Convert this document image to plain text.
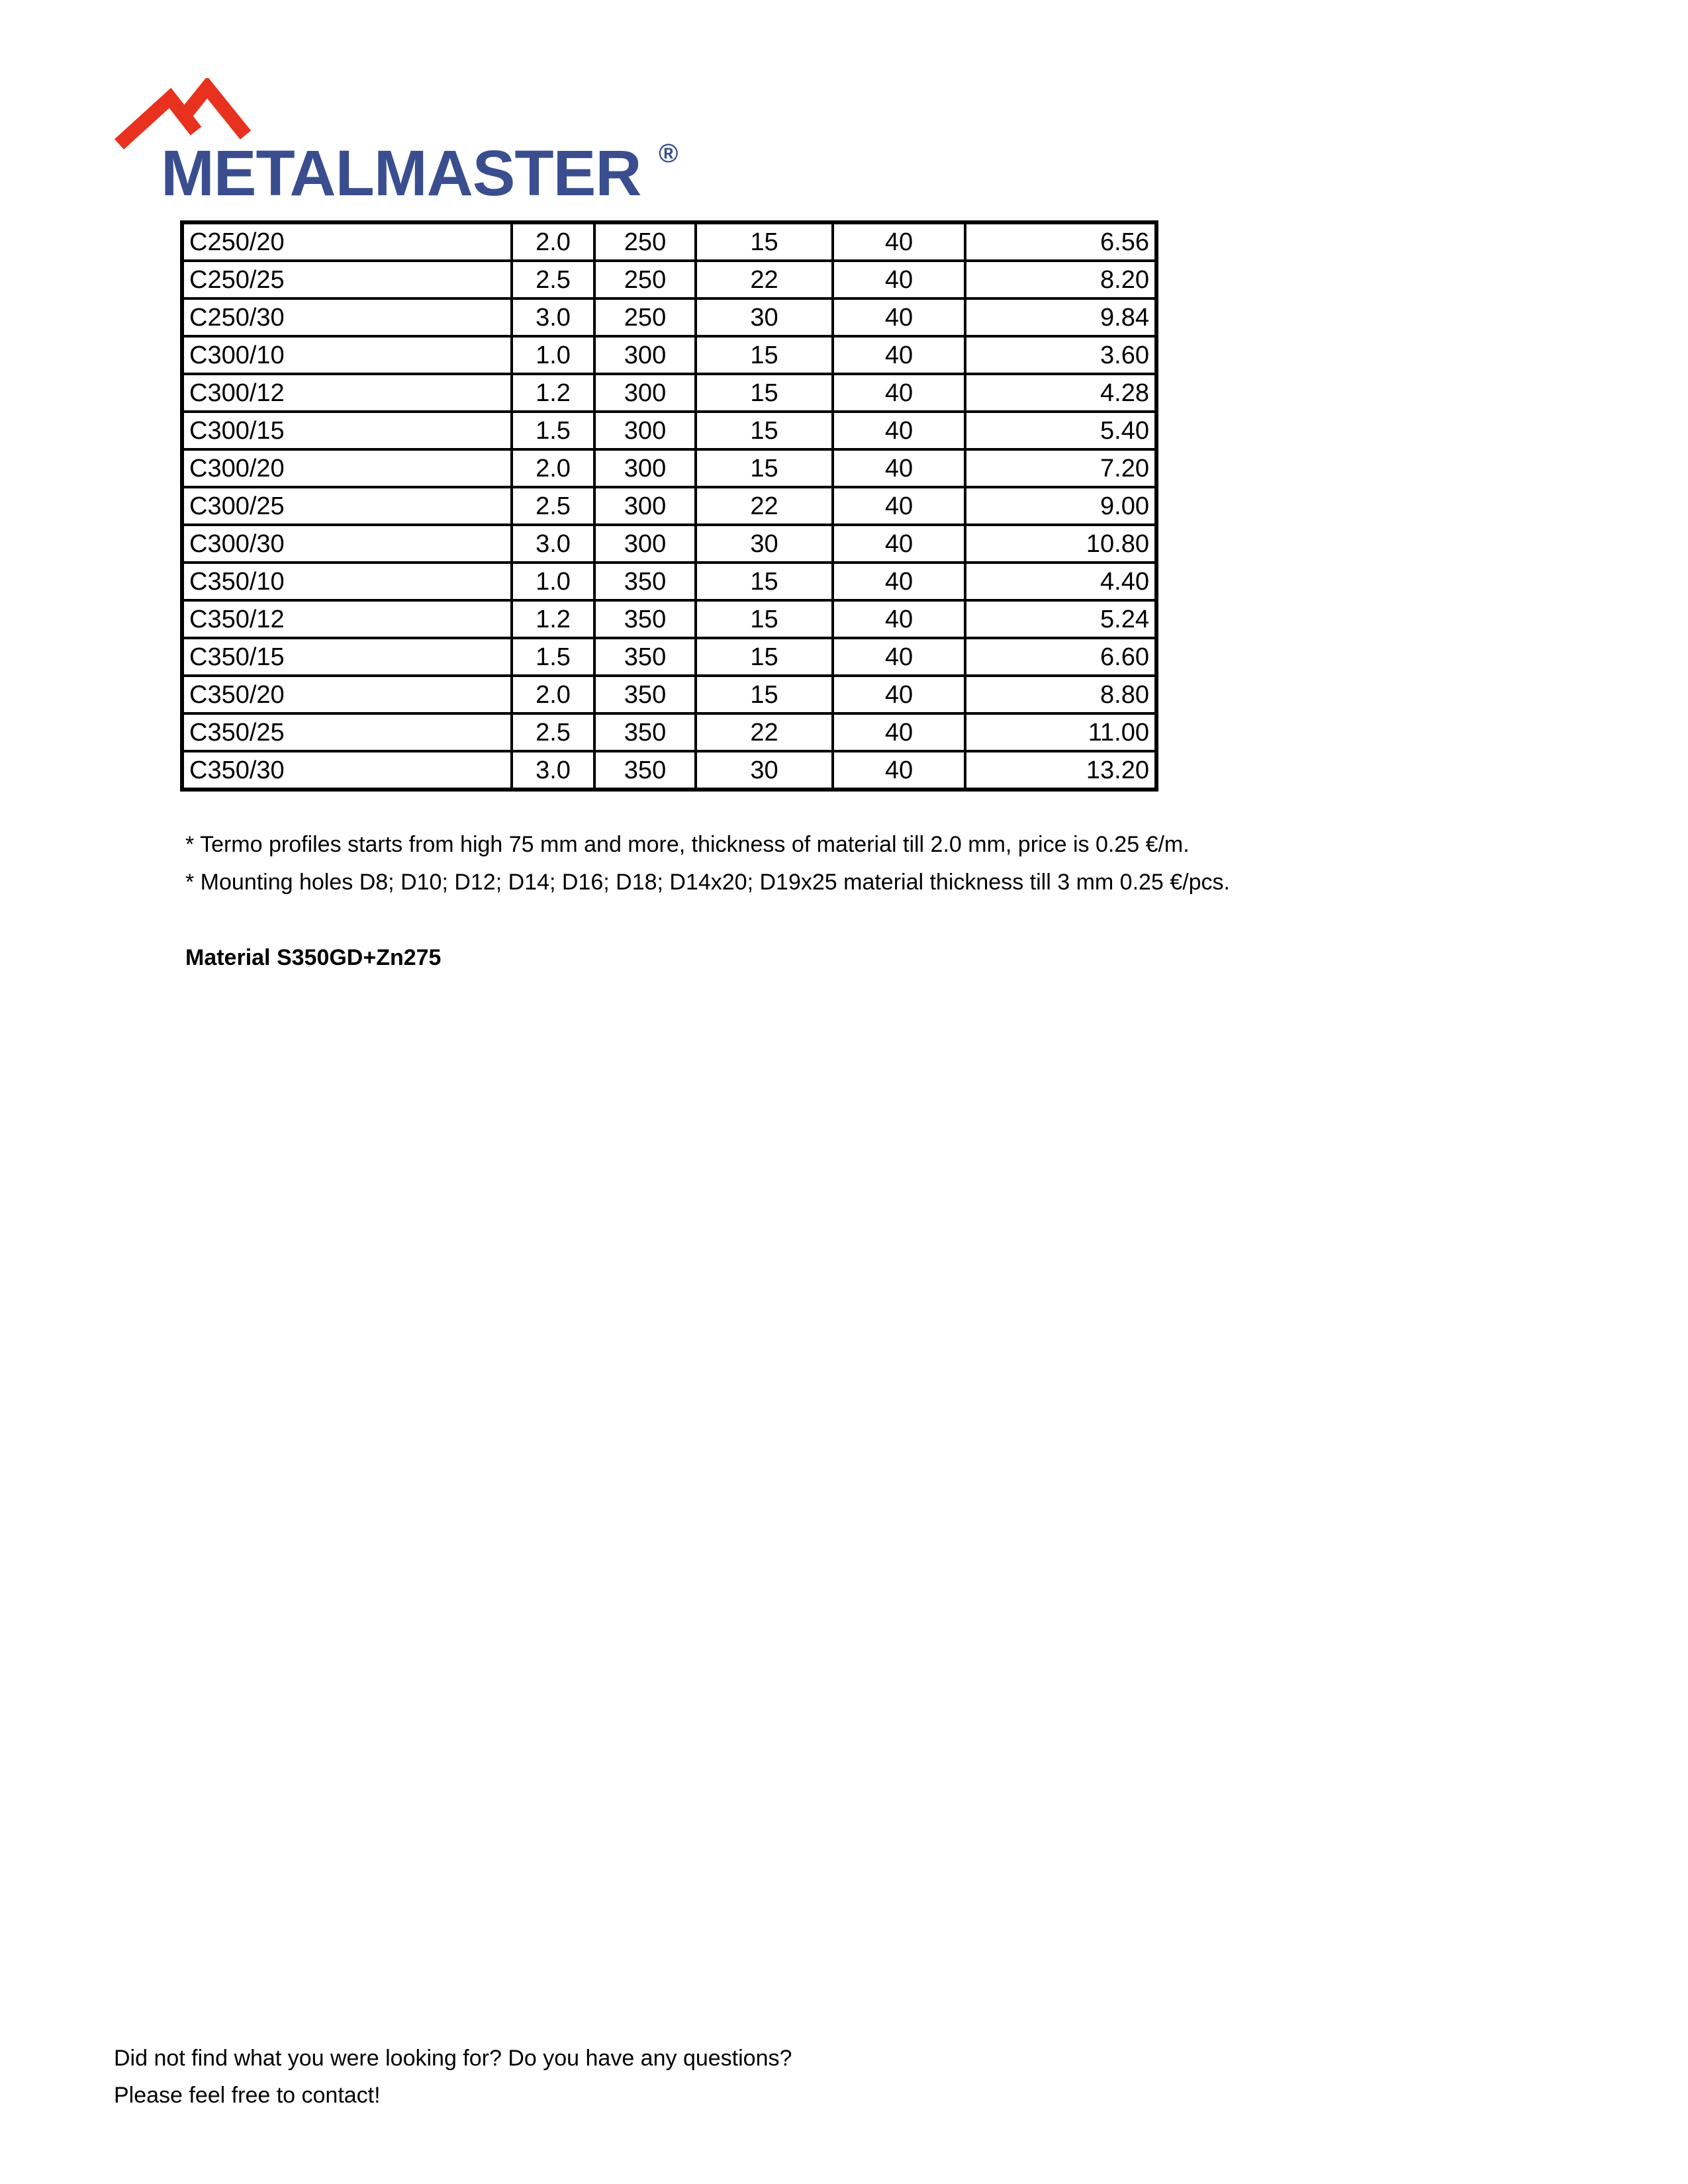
METALMASTER ®
C250/20	2.0	250	15	40	6.56
C250/25	2.5	250	22	40	8.20
C250/30	3.0	250	30	40	9.84
C300/10	1.0	300	15	40	3.60
C300/12	1.2	300	15	40	4.28
C300/15	1.5	300	15	40	5.40
C300/20	2.0	300	15	40	7.20
C300/25	2.5	300	22	40	9.00
C300/30	3.0	300	30	40	10.80
C350/10	1.0	350	15	40	4.40
C350/12	1.2	350	15	40	5.24
C350/15	1.5	350	15	40	6.60
C350/20	2.0	350	15	40	8.80
C350/25	2.5	350	22	40	11.00
C350/30	3.0	350	30	40	13.20
* Termo profiles starts from high 75 mm and more, thickness of material till 2.0 mm, price is 0.25 €/m.
* Mounting holes D8; D10; D12; D14; D16; D18; D14x20; D19x25 material thickness till 3 mm 0.25 €/pcs.
Material S350GD+Zn275
Did not find what you were looking for? Do you have any questions?
Please feel free to contact!
